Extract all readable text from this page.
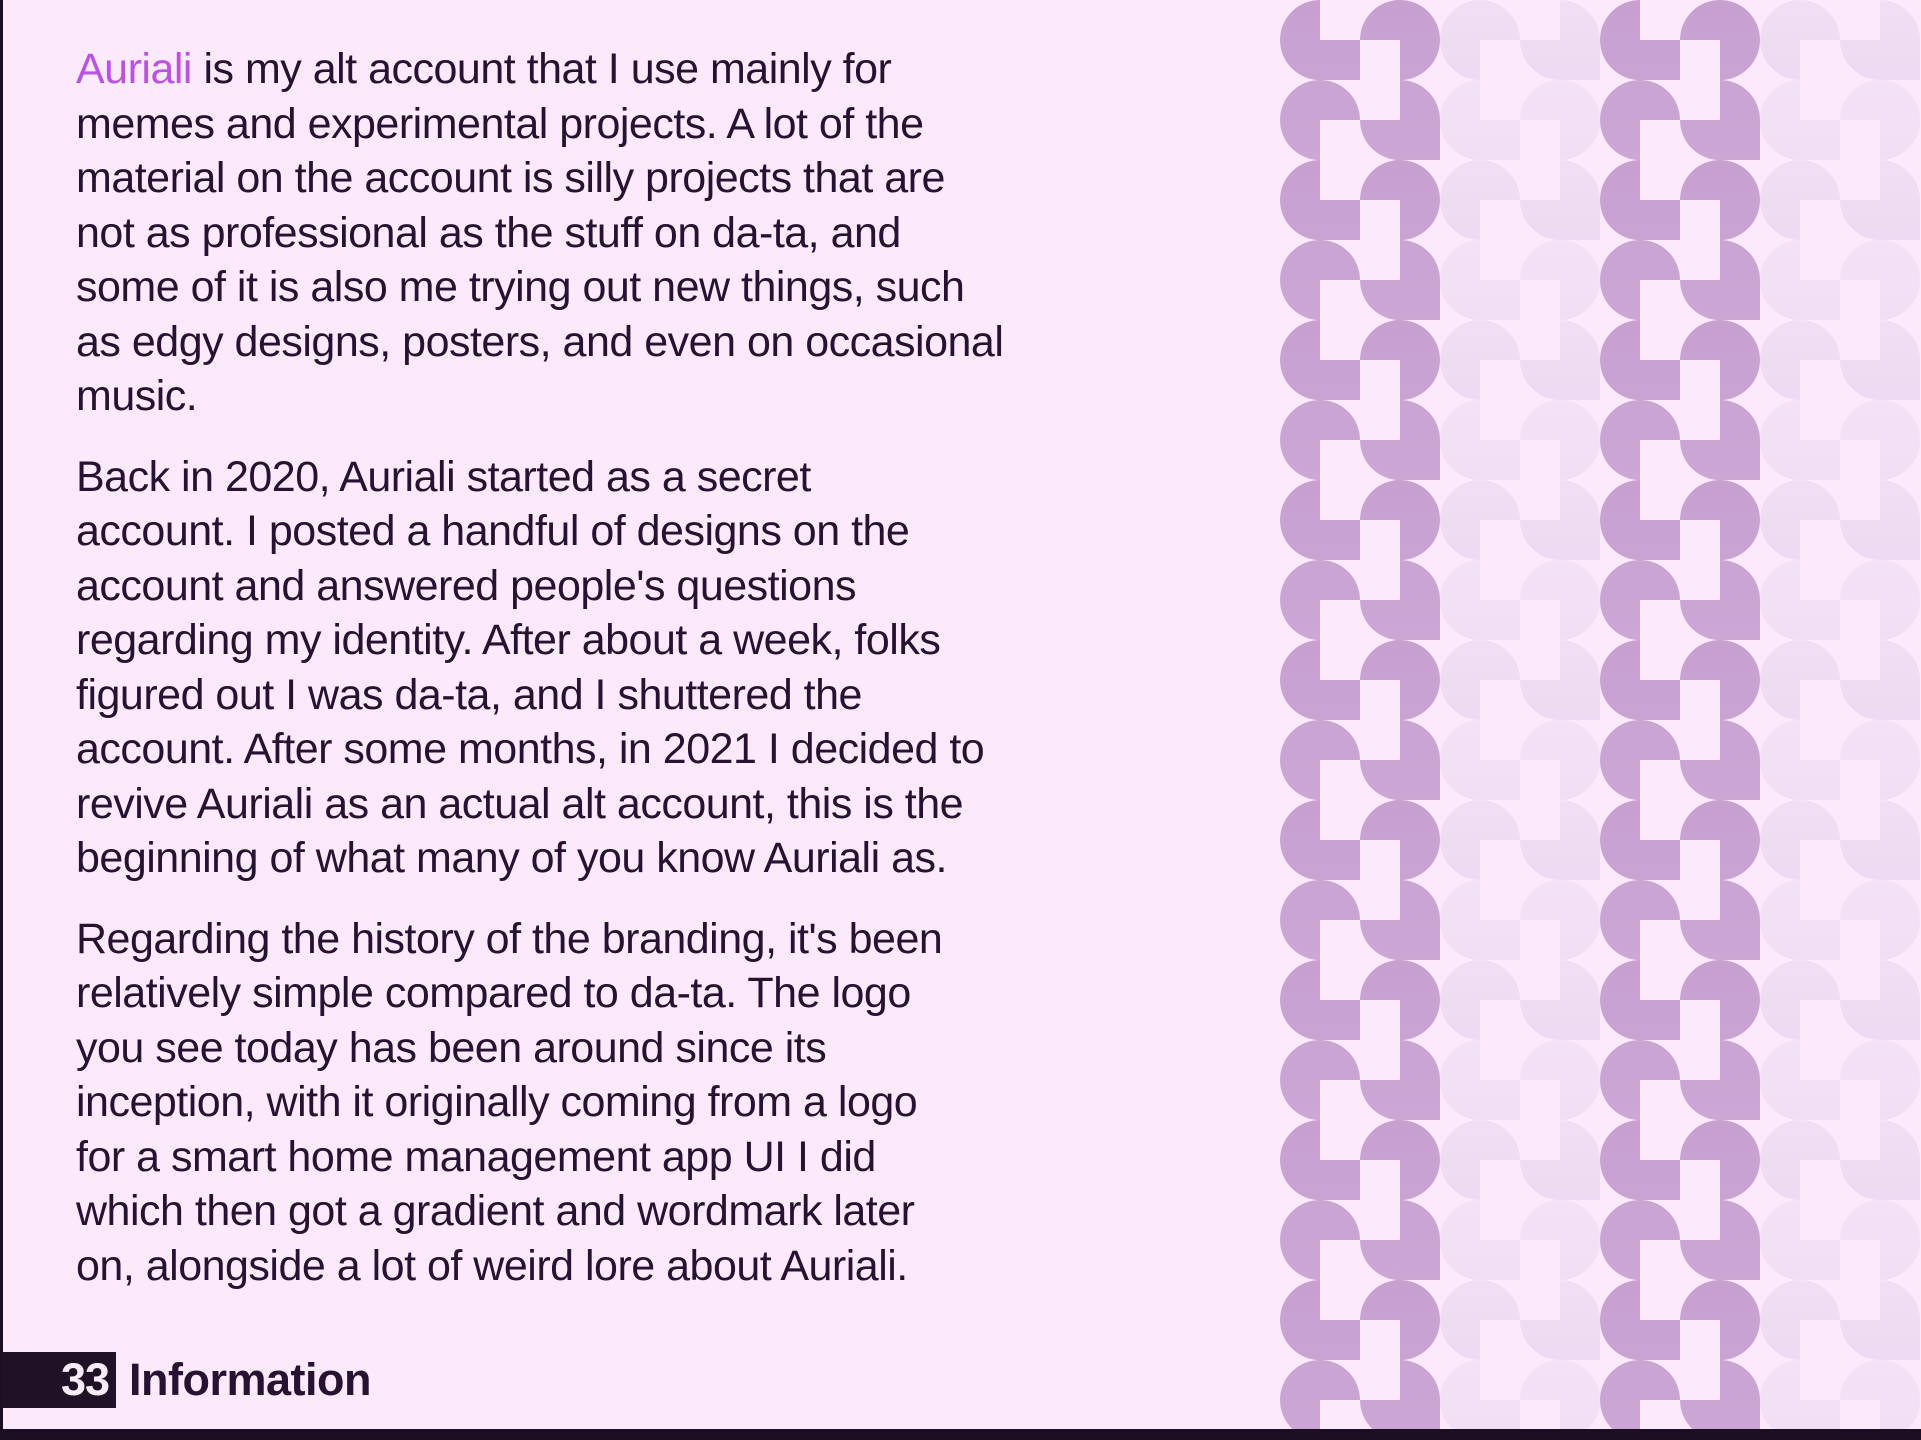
Auriali is my alt account that I use mainly for
memes and experimental projects. A lot of the
material on the account is silly projects that are
not as professional as the stuff on da-ta, and
some of it is also me trying out new things, such
as edgy designs, posters, and even on occasional
music.
Back in 2020, Auriali started as a secret
account. I posted a handful of designs on the
account and answered people's questions
regarding my identity. After about a week, folks
figured out I was da-ta, and I shuttered the
account. After some months, in 2021 I decided to
revive Auriali as an actual alt account, this is the
beginning of what many of you know Auriali as.
Regarding the history of the branding, it's been
relatively simple compared to da-ta. The logo
you see today has been around since its
inception, with it originally coming from a logo
for a smart home management app UI I did
which then got a gradient and wordmark later
on, alongside a lot of weird lore about Auriali.
33 Information
